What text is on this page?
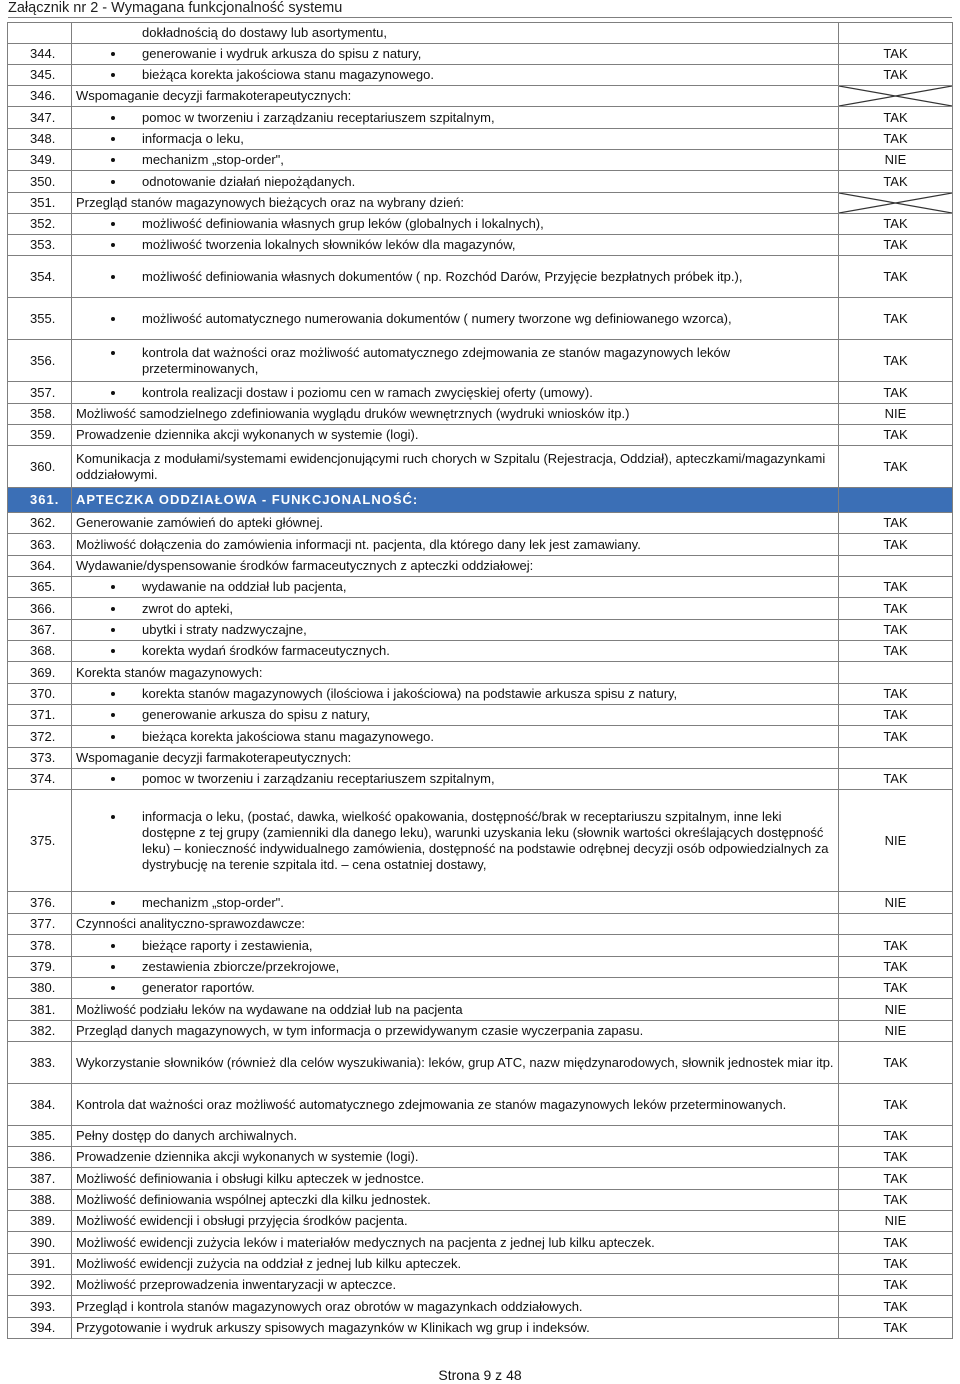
Załącznik nr 2 - Wymagana funkcjonalność systemu

	dokładnością do dostawy lub asortymentu,	

344.	generowanie i wydruk arkusza do spisu z natury,	TAK
345.	bieżąca korekta jakościowa stanu magazynowego.	TAK
346.	Wspomaganie decyzji farmakoterapeutycznych:	

347.	pomoc w tworzeniu i zarządzaniu receptariuszem szpitalnym,	TAK
348.	informacja o leku,	TAK
349.	mechanizm „stop-order",	NIE
350.	odnotowanie działań niepożądanych.	TAK
351.	Przegląd stanów magazynowych bieżących oraz na wybrany dzień:	

352.	możliwość definiowania własnych grup leków (globalnych i lokalnych),	TAK
353.	możliwość tworzenia lokalnych słowników leków dla magazynów,	TAK
354.	możliwość definiowania własnych dokumentów ( np. Rozchód Darów, Przyjęcie bezpłatnych próbek itp.),	TAK
355.	możliwość automatycznego numerowania dokumentów ( numery tworzone wg definiowanego wzorca),	TAK
356.	kontrola dat ważności oraz możliwość automatycznego zdejmowania ze stanów magazynowych leków przeterminowanych,	TAK
357.	kontrola realizacji dostaw i poziomu cen w ramach zwycięskiej oferty (umowy).	TAK
358.	Możliwość samodzielnego zdefiniowania wyglądu druków wewnętrznych (wydruki wniosków itp.)	NIE
359.	Prowadzenie dziennika akcji wykonanych w systemie (logi).	TAK
360.	Komunikacja z modułami/systemami ewidencjonującymi ruch chorych w Szpitalu (Rejestracja, Oddział), apteczkami/magazynkami oddziałowymi.	TAK
361.	APTECZKA ODDZIAŁOWA - FUNKCJONALNOŚĆ:	
362.	Generowanie zamówień do apteki głównej.	TAK
363.	Możliwość dołączenia do zamówienia informacji nt. pacjenta, dla którego dany lek jest zamawiany.	TAK
364.	Wydawanie/dyspensowanie środków farmaceutycznych z apteczki oddziałowej:	
365.	wydawanie na oddział lub pacjenta,	TAK
366.	zwrot do apteki,	TAK
367.	ubytki i straty nadzwyczajne,	TAK
368.	korekta wydań środków farmaceutycznych.	TAK
369.	Korekta stanów magazynowych:	
370.	korekta stanów magazynowych (ilościowa i jakościowa) na podstawie arkusza spisu z natury,	TAK
371.	generowanie arkusza do spisu z natury,	TAK
372.	bieżąca korekta jakościowa stanu magazynowego.	TAK
373.	Wspomaganie decyzji farmakoterapeutycznych:	
374.	pomoc w tworzeniu i zarządzaniu receptariuszem szpitalnym,	TAK
375.	informacja o leku, (postać, dawka, wielkość opakowania, dostępność/brak w receptariuszu szpitalnym, inne leki dostępne z tej grupy (zamienniki dla danego leku), warunki uzyskania leku (słownik wartości określających dostępność leku) – konieczność indywidualnego zamówienia, dostępność na podstawie odrębnej decyzji osób odpowiedzialnych za dystrybucję na terenie szpitala itd. – cena ostatniej dostawy,	NIE
376.	mechanizm „stop-order".	NIE
377.	Czynności analityczno-sprawozdawcze:	
378.	bieżące raporty i zestawienia,	TAK
379.	zestawienia zbiorcze/przekrojowe,	TAK
380.	generator raportów.	TAK
381.	Możliwość podziału leków na wydawane na oddział lub na pacjenta	NIE
382.	Przegląd danych magazynowych, w tym informacja o przewidywanym czasie wyczerpania zapasu.	NIE
383.	Wykorzystanie słowników (również dla celów wyszukiwania): leków, grup ATC, nazw międzynarodowych, słownik jednostek miar itp.	TAK
384.	Kontrola dat ważności oraz możliwość automatycznego zdejmowania ze stanów magazynowych leków przeterminowanych.	TAK
385.	Pełny dostęp do danych archiwalnych.	TAK
386.	Prowadzenie dziennika akcji wykonanych w systemie (logi).	TAK
387.	Możliwość definiowania i obsługi kilku apteczek w jednostce.	TAK
388.	Możliwość definiowania wspólnej apteczki dla kilku jednostek.	TAK
389.	Możliwość ewidencji i obsługi przyjęcia środków pacjenta.	NIE
390.	Możliwość ewidencji zużycia leków i materiałów medycznych na pacjenta z jednej lub kilku apteczek.	TAK
391.	Możliwość ewidencji zużycia na oddział z jednej lub kilku apteczek.	TAK
392.	Możliwość przeprowadzenia inwentaryzacji w apteczce.	TAK
393.	Przegląd i kontrola stanów magazynowych oraz obrotów w magazynkach oddziałowych.	TAK
394.	Przygotowanie i wydruk arkuszy spisowych magazynków w Klinikach wg grup i indeksów.	TAK
Strona 9 z 48
